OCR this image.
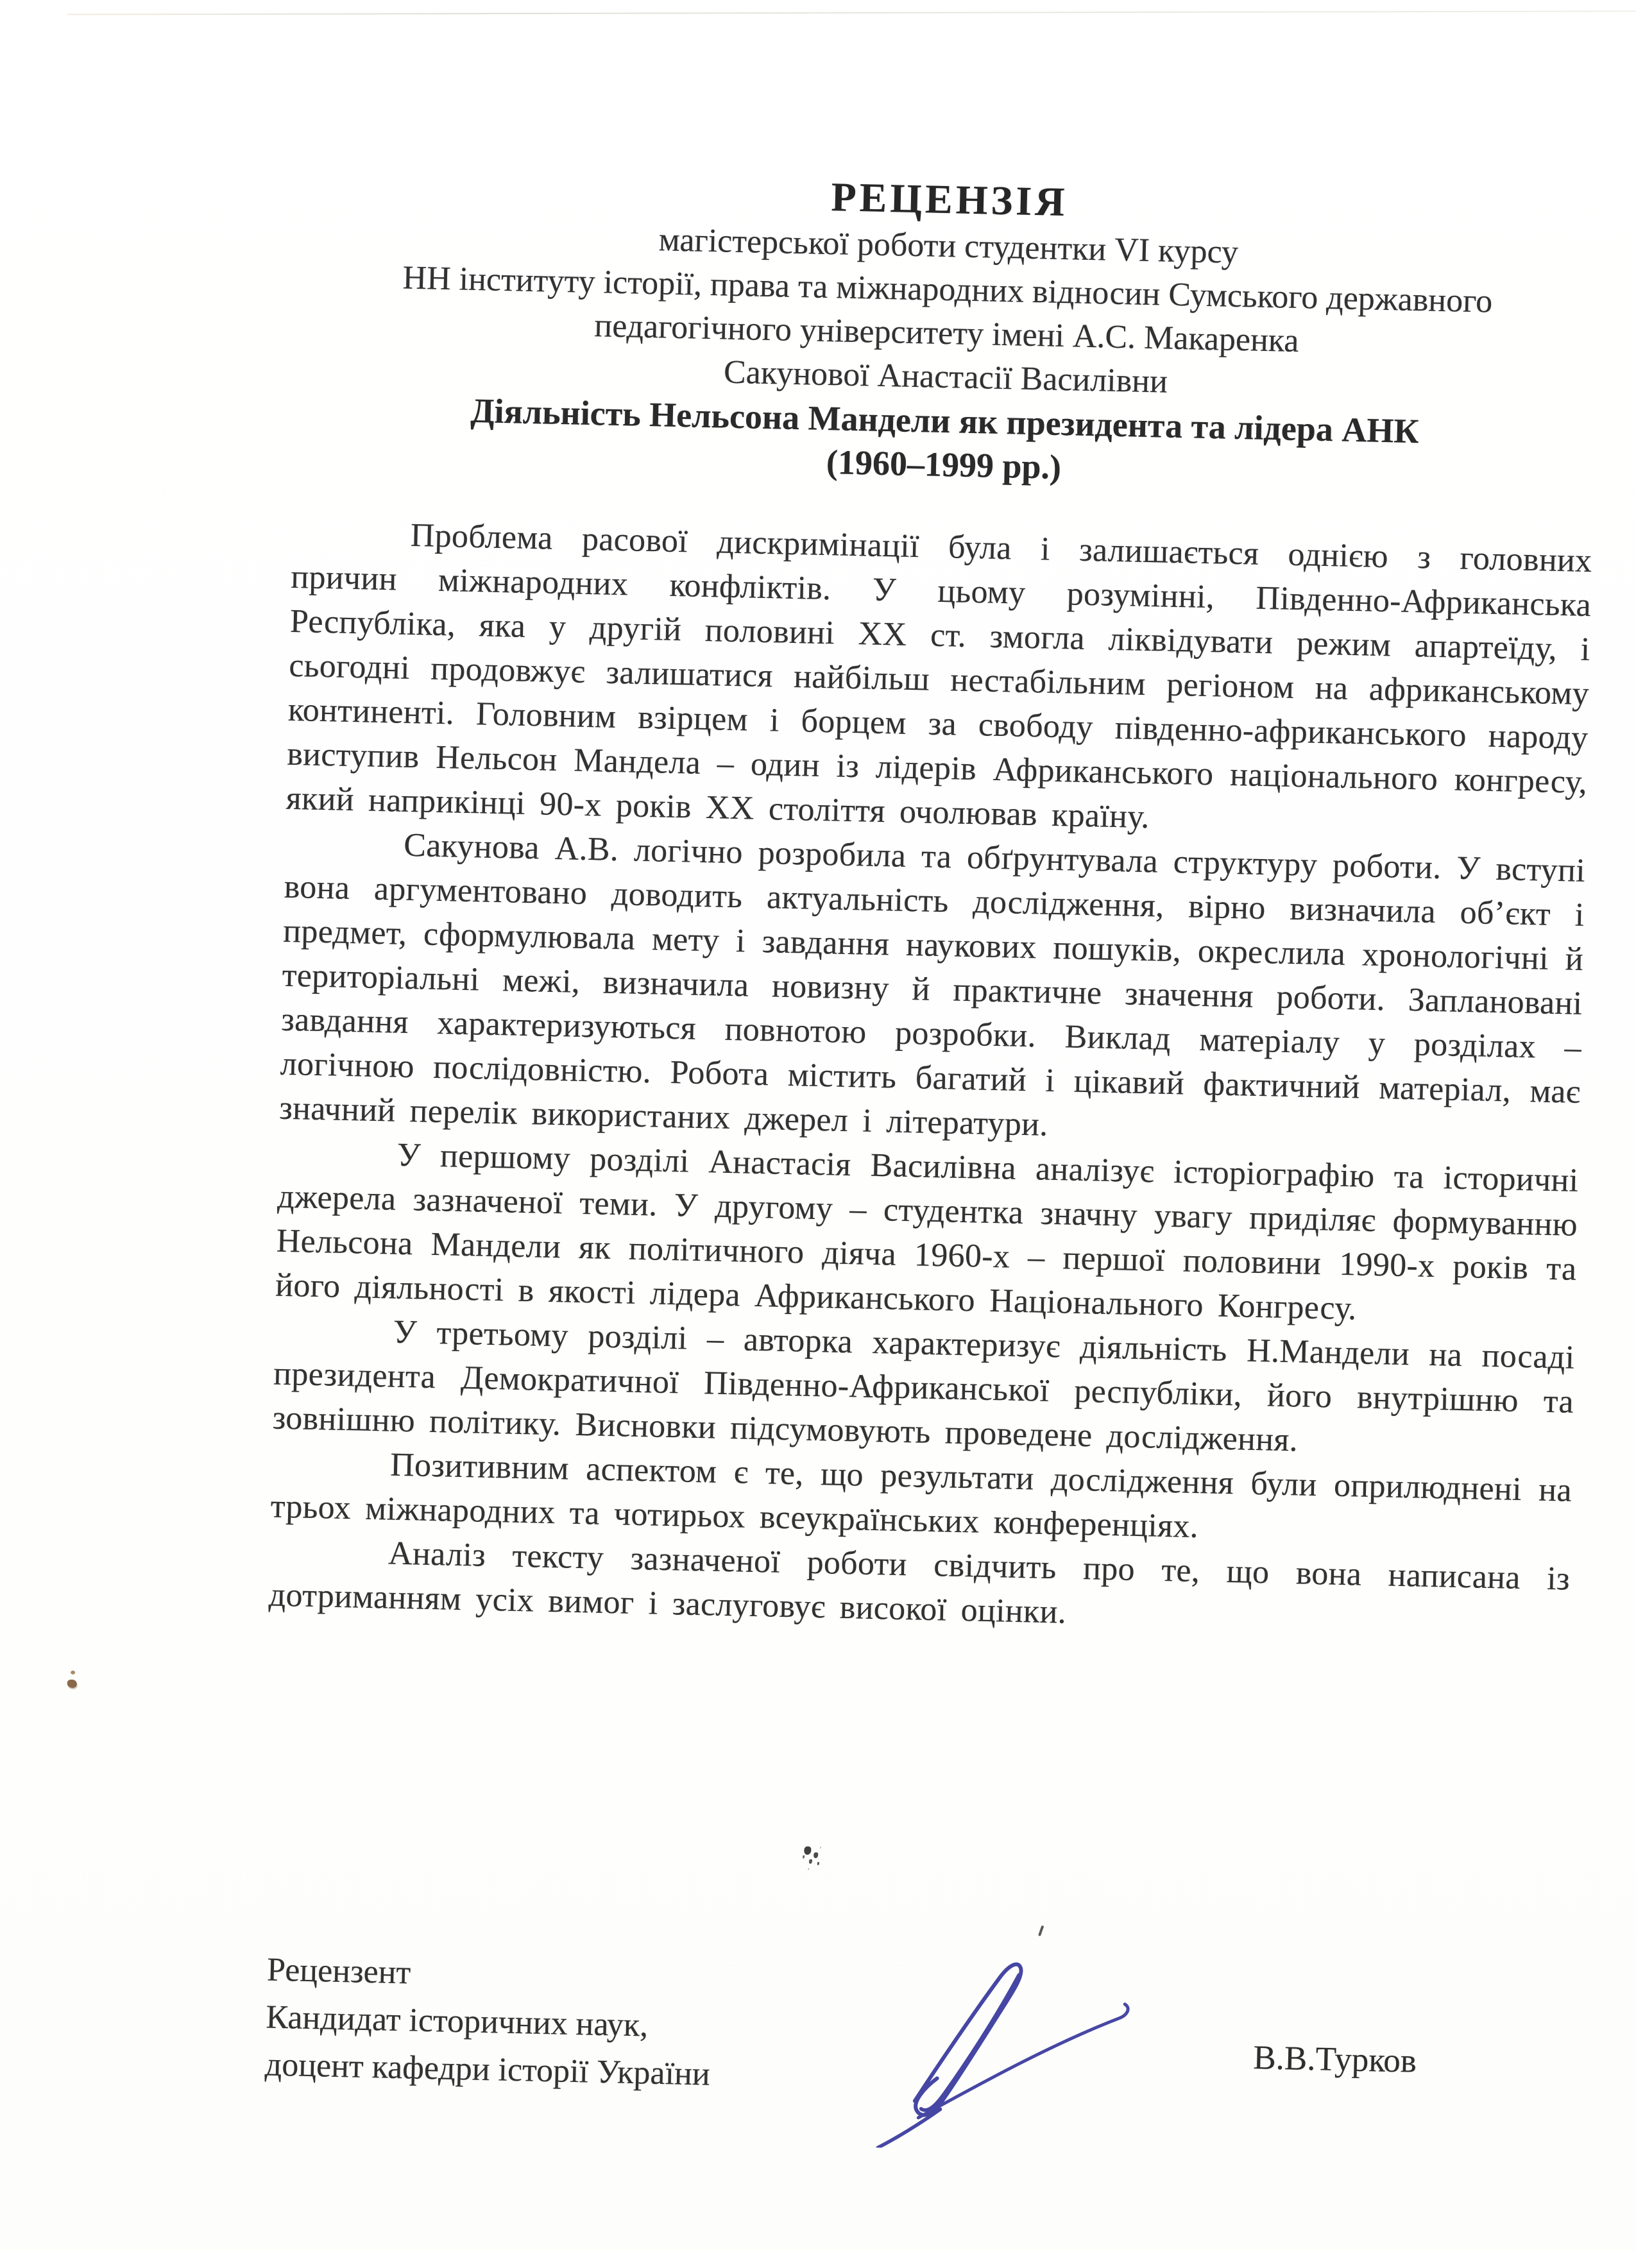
РЕЦЕНЗІЯ
магістерської роботи студентки VI курсу
НН інституту історії, права та міжнародних відносин Сумського державного
педагогічного університету імені А.С. Макаренка
Сакунової Анастасії Василівни
Діяльність Нельсона Мандели як президента та лідера АНК
(1960–1999 рр.)

Проблема расової дискримінації була і залишається однією з головних причин міжнародних конфліктів. У цьому розумінні, Південно-Африканська Республіка, яка у другій половині ХХ ст. змогла ліквідувати режим апартеїду, і сьогодні продовжує залишатися найбільш нестабільним регіоном на африканському континенті. Головним взірцем і борцем за свободу південно-африканського народу виступив Нельсон Мандела – один із лідерів Африканського національного конгресу, який наприкінці 90-х років ХХ століття очолював країну.

Сакунова А.В. логічно розробила та обґрунтувала структуру роботи. У вступі вона аргументовано доводить актуальність дослідження, вірно визначила об’єкт і предмет, сформулювала мету і завдання наукових пошуків, окреслила хронологічні й територіальні межі, визначила новизну й практичне значення роботи. Заплановані завдання характеризуються повнотою розробки. Виклад матеріалу у розділах – логічною послідовністю. Робота містить багатий і цікавий фактичний матеріал, має значний перелік використаних джерел і літератури.

У першому розділі Анастасія Василівна аналізує історіографію та історичні джерела зазначеної теми. У другому – студентка значну увагу приділяє формуванню Нельсона Мандели як політичного діяча 1960-х – першої половини 1990-х років та його діяльності в якості лідера Африканського Національного Конгресу.

У третьому розділі – авторка характеризує діяльність Н.Мандели на посаді президента Демократичної Південно-Африканської республіки, його внутрішню та зовнішню політику. Висновки підсумовують проведене дослідження.

Позитивним аспектом є те, що результати дослідження були оприлюднені на трьох міжнародних та чотирьох всеукраїнських конференціях.

Аналіз тексту зазначеної роботи свідчить про те, що вона написана із дотриманням усіх вимог і заслуговує високої оцінки.

Рецензент
Кандидат історичних наук,
доцент кафедри історії України	В.В.Турков
